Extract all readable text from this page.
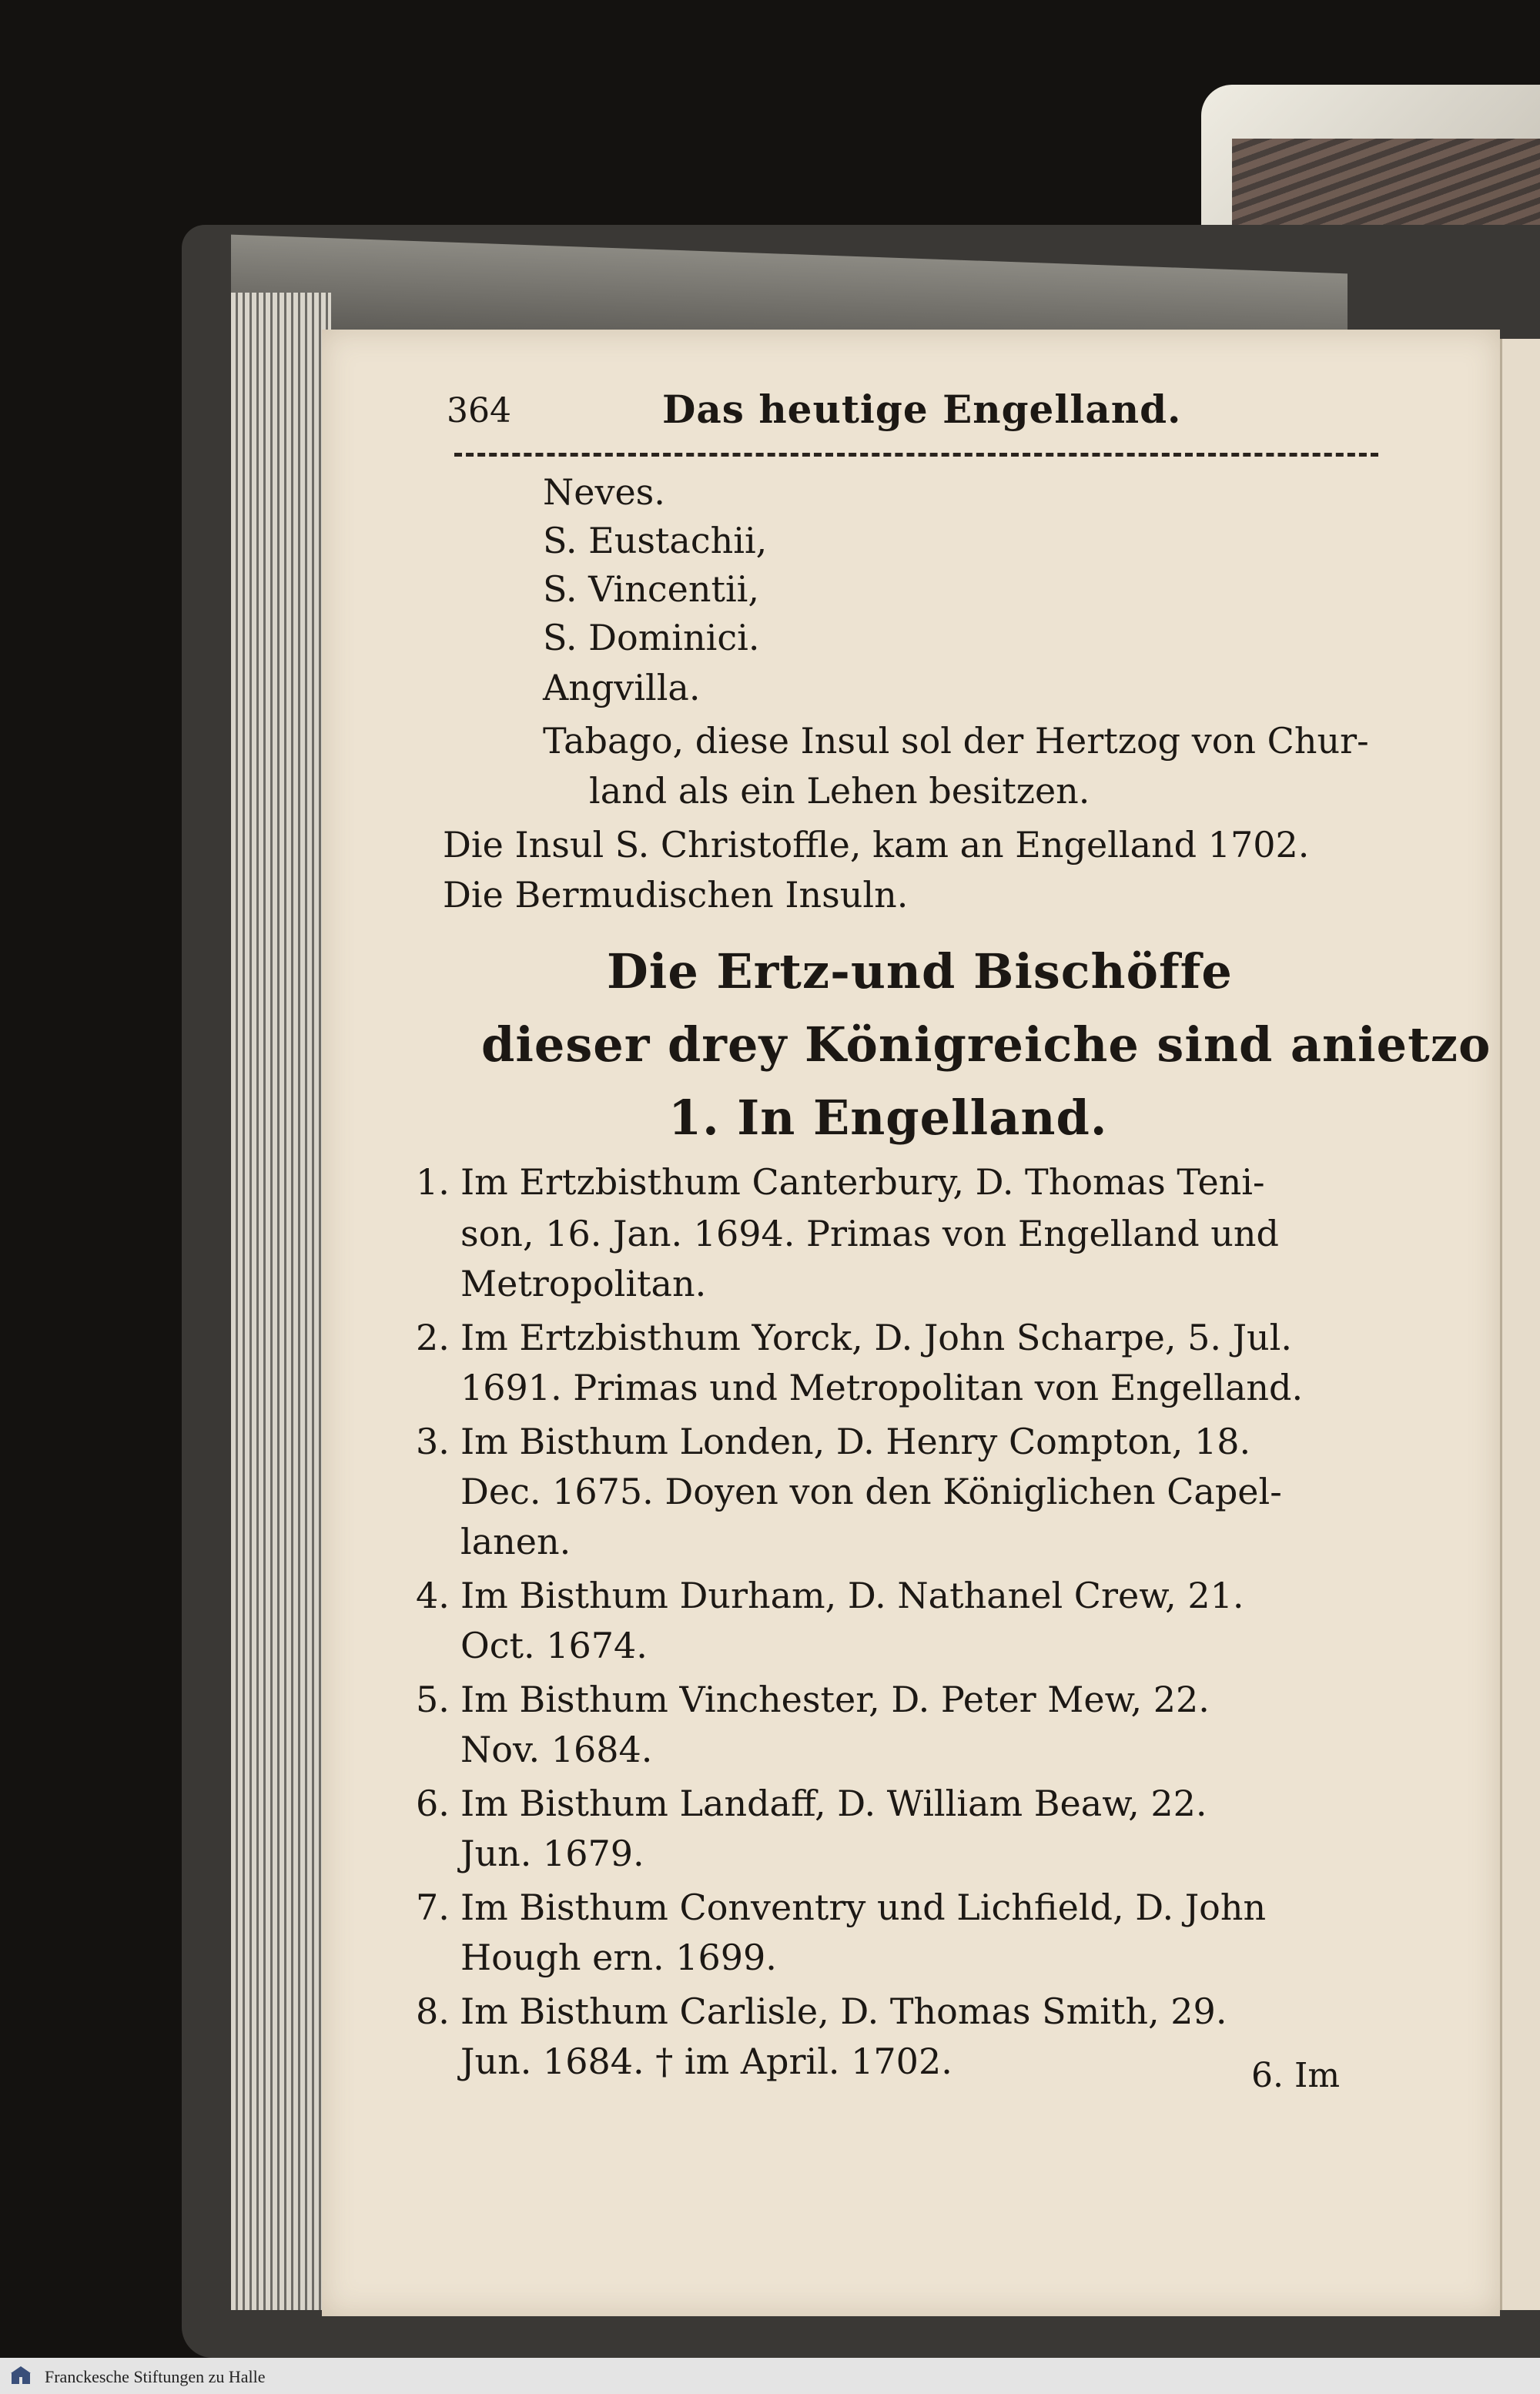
364	Das heutige Engelland.
Neves.
S. Eustachii,
S. Vincentii,
S. Dominici.
Angvilla.
Tabago, diese Insul sol der Hertzog von Chur-
land als ein Lehen besitzen.
Die Insul S. Christoffle, kam an Engelland 1702.
Die Bermudischen Insuln.
Die Ertz-und Bischöffe
dieser drey Königreiche sind anietzo
1. In Engelland.
1. Im Ertzbisthum Canterbury, D. Thomas Teni-
son, 16. Jan. 1694. Primas von Engelland und
Metropolitan.
2. Im Ertzbisthum Yorck, D. John Scharpe, 5. Jul.
1691. Primas und Metropolitan von Engelland.
3. Im Bisthum Londen, D. Henry Compton, 18.
Dec. 1675. Doyen von den Königlichen Capel-
lanen.
4. Im Bisthum Durham, D. Nathanel Crew, 21.
Oct. 1674.
5. Im Bisthum Vinchester, D. Peter Mew, 22.
Nov. 1684.
6. Im Bisthum Landaff, D. William Beaw, 22.
Jun. 1679.
7. Im Bisthum Conventry und Lichfield, D. John
Hough ern. 1699.
8. Im Bisthum Carlisle, D. Thomas Smith, 29.
Jun. 1684. † im April. 1702.	6. Im
Franckesche Stiftungen zu Halle
